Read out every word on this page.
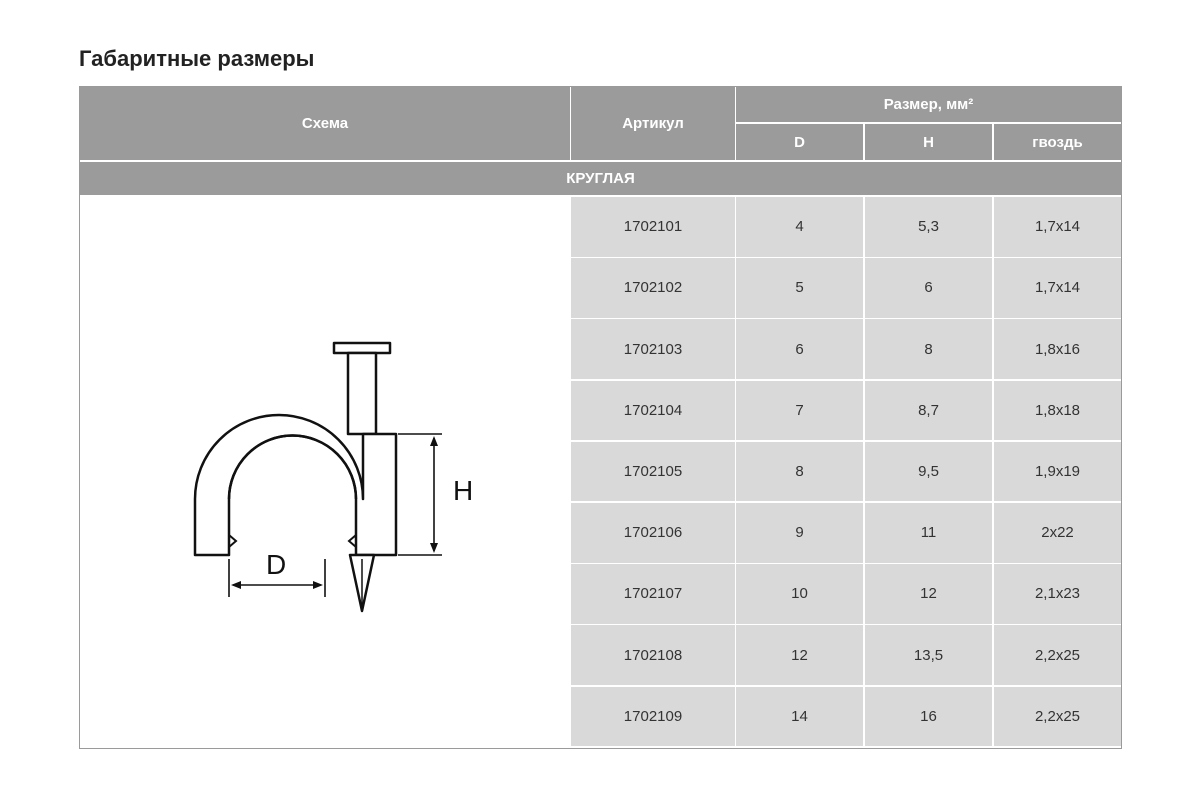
Габаритные размеры
Схема	Артикул
Размер, мм²
D	H	гвоздь
КРУГЛАЯ
1702101	4	5,3	1,7x14
1702102	5	6	1,7x14
1702103	6	8	1,8x16
1702104	7	8,7	1,8x18
1702105	8	9,5	1,9x19
1702106	9	11	2x22
1702107	10	12	2,1x23
1702108	12	13,5	2,2x25
1702109	14	16	2,2x25
H
D
